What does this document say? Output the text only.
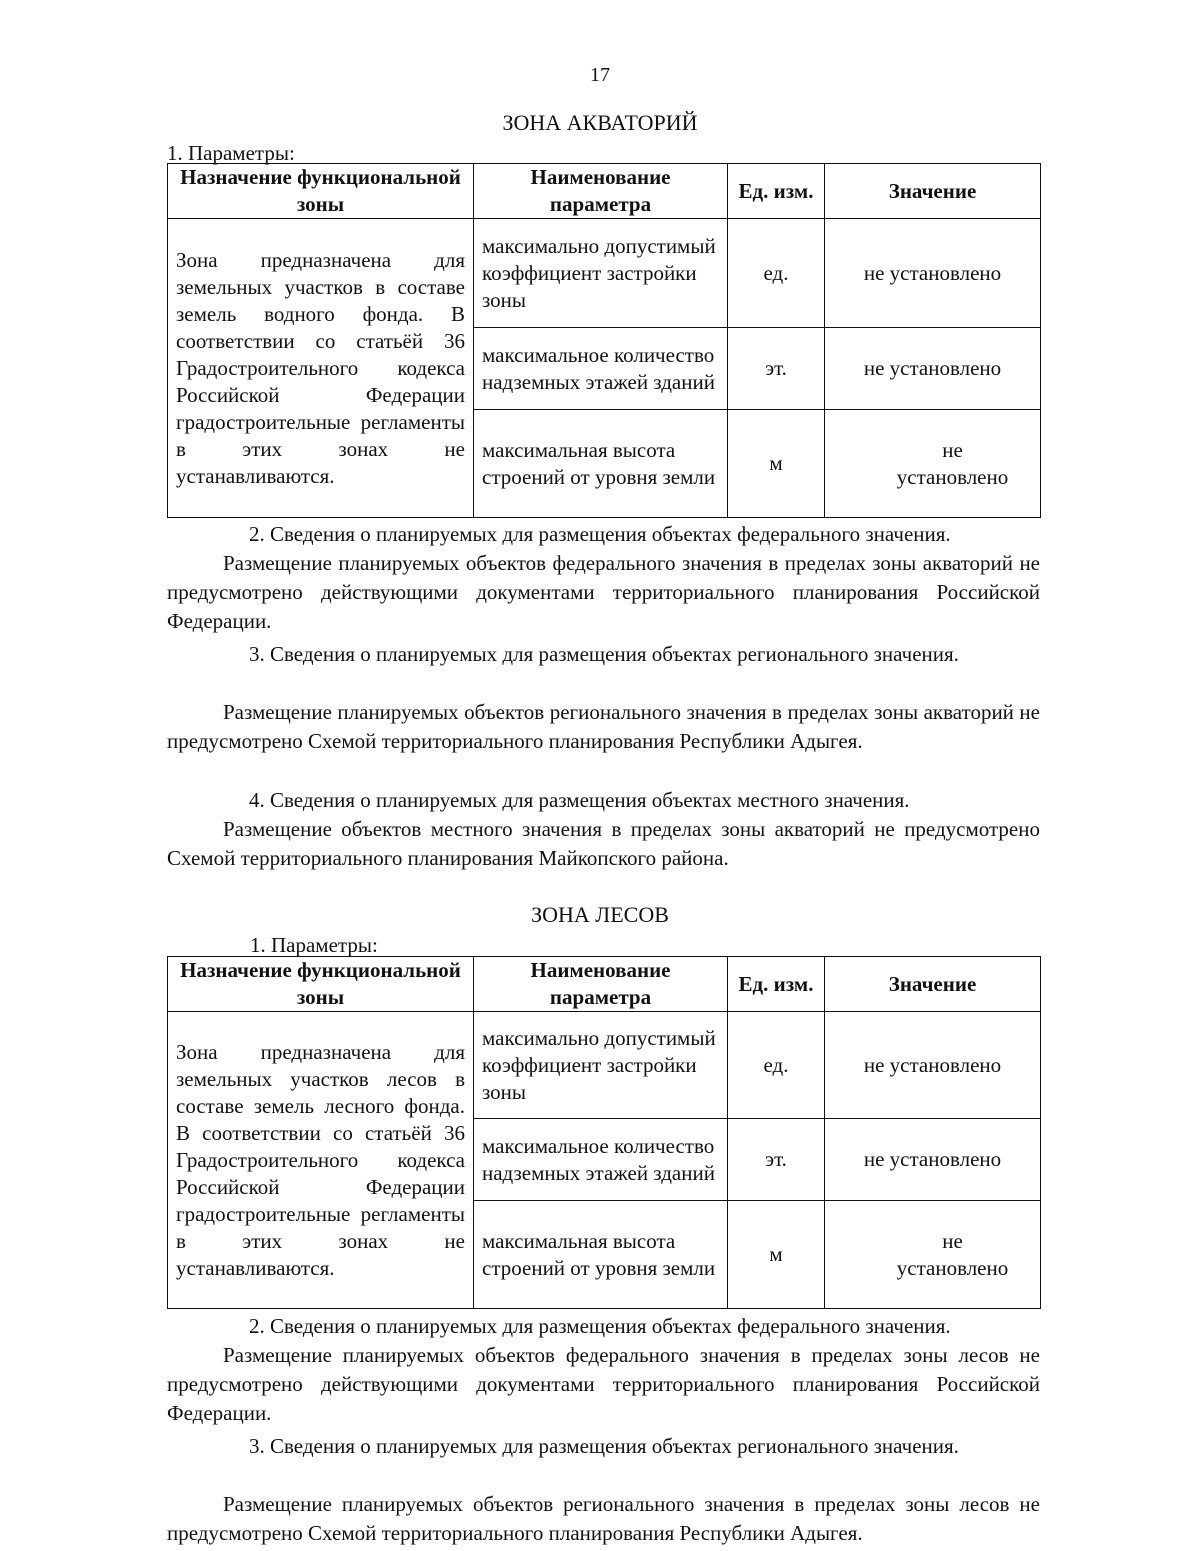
17
ЗОНА АКВАТОРИЙ
1. Параметры:
Назначение функциональной зоны	Наименование параметра	Ед. изм.	Значение
Зона предназначена для земельных участков в составе земель водного фонда. В соответствии со статьёй 36 Градостроительного кодекса Российской Федерации градостроительные регламенты в этих зонах не устанавливаются.	максимально допустимый коэффициент застройки зоны	ед.	не установлено
	максимальное количество надземных этажей зданий	эт.	не установлено
	максимальная высота строений от уровня земли	м	не установлено
2. Сведения о планируемых для размещения объектах федерального значения.
Размещение планируемых объектов федерального значения в пределах зоны акваторий не предусмотрено действующими документами территориального планирования Российской Федерации.
3. Сведения о планируемых для размещения объектах регионального значения.
Размещение планируемых объектов регионального значения в пределах зоны акваторий не предусмотрено Схемой территориального планирования Республики Адыгея.
4. Сведения о планируемых для размещения объектах местного значения.
Размещение объектов местного значения в пределах зоны акваторий не предусмотрено Схемой территориального планирования Майкопского района.
ЗОНА ЛЕСОВ
1. Параметры:
Назначение функциональной зоны	Наименование параметра	Ед. изм.	Значение
Зона предназначена для земельных участков лесов в составе земель лесного фонда. В соответствии со статьёй 36 Градостроительного кодекса Российской Федерации градостроительные регламенты в этих зонах не устанавливаются.	максимально допустимый коэффициент застройки зоны	ед.	не установлено
	максимальное количество надземных этажей зданий	эт.	не установлено
	максимальная высота строений от уровня земли	м	не установлено
2. Сведения о планируемых для размещения объектах федерального значения.
Размещение планируемых объектов федерального значения в пределах зоны лесов не предусмотрено действующими документами территориального планирования Российской Федерации.
3. Сведения о планируемых для размещения объектах регионального значения.
Размещение планируемых объектов регионального значения в пределах зоны лесов не предусмотрено Схемой территориального планирования Республики Адыгея.
